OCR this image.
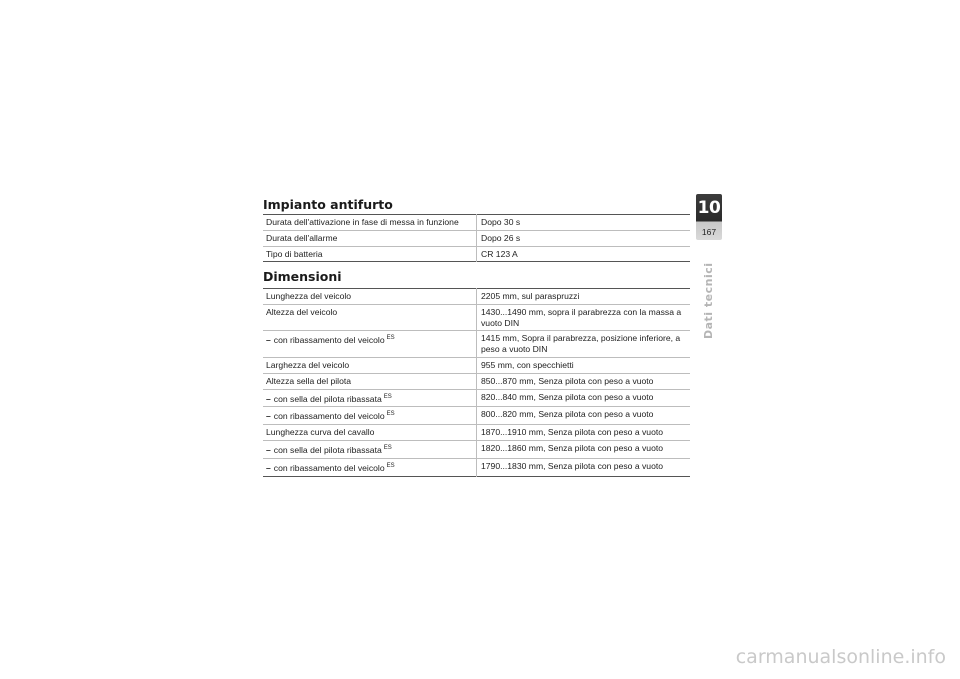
Impianto antifurto
Durata dell'attivazione in fase di messa in funzione	Dopo 30 s
Durata dell'allarme	Dopo 26 s
Tipo di batteria	CR 123 A
Dimensioni
Lunghezza del veicolo	2205 mm, sul paraspruzzi
Altezza del veicolo	1430...1490 mm, sopra il parabrezza con la massa a vuoto DIN
– con ribassamento del veicolo $^{ES}$	1415 mm, Sopra il parabrezza, posizione inferiore, a peso a vuoto DIN
Larghezza del veicolo	955 mm, con specchietti
Altezza sella del pilota	850...870 mm, Senza pilota con peso a vuoto
– con sella del pilota ribassata $^{ES}$	820...840 mm, Senza pilota con peso a vuoto
– con ribassamento del veicolo $^{ES}$	800...820 mm, Senza pilota con peso a vuoto
Lunghezza curva del cavallo	1870...1910 mm, Senza pilota con peso a vuoto
– con sella del pilota ribassata $^{ES}$	1820...1860 mm, Senza pilota con peso a vuoto
– con ribassamento del veicolo $^{ES}$	1790...1830 mm, Senza pilota con peso a vuoto
10
167
Dati tecnici
carmanualsonline.info
